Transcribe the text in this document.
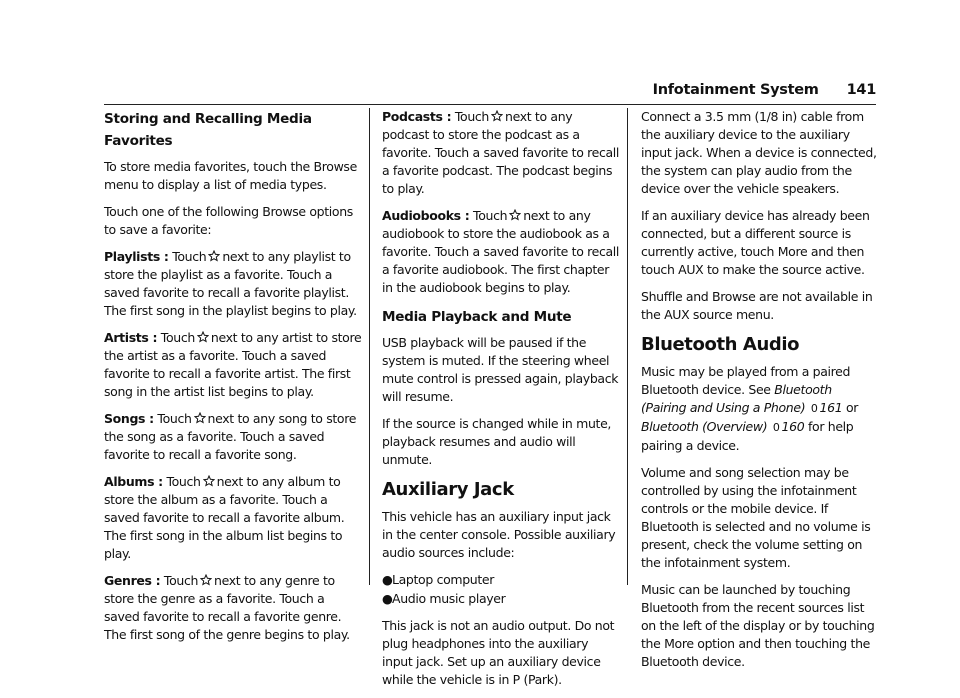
Infotainment System 141
Storing and Recalling Media Favorites

To store media favorites, touch the Browse menu to display a list of media types.

Touch one of the following Browse options to save a favorite:

Playlists : Touch next to any playlist to store the playlist as a favorite. Touch a saved favorite to recall a favorite playlist. The first song in the playlist begins to play.

Artists : Touch next to any artist to store the artist as a favorite. Touch a saved favorite to recall a favorite artist. The first song in the artist list begins to play.

Songs : Touch next to any song to store the song as a favorite. Touch a saved favorite to recall a favorite song.

Albums : Touch next to any album to store the album as a favorite. Touch a saved favorite to recall a favorite album. The first song in the album list begins to play.

Genres : Touch next to any genre to store the genre as a favorite. Touch a saved favorite to recall a favorite genre. The first song of the genre begins to play.

Podcasts : Touch next to any podcast to store the podcast as a favorite. Touch a saved favorite to recall a favorite podcast. The podcast begins to play.

Audiobooks : Touch next to any audiobook to store the audiobook as a favorite. Touch a saved favorite to recall a favorite audiobook. The first chapter in the audiobook begins to play.

Media Playback and Mute

USB playback will be paused if the system is muted. If the steering wheel mute control is pressed again, playback will resume.

If the source is changed while in mute, playback resumes and audio will unmute.

Auxiliary Jack

This vehicle has an auxiliary input jack in the center console. Possible auxiliary audio sources include:

● Laptop computer
● Audio music player

This jack is not an audio output. Do not plug headphones into the auxiliary input jack. Set up an auxiliary device while the vehicle is in P (Park).

Connect a 3.5 mm (1/8 in) cable from the auxiliary device to the auxiliary input jack. When a device is connected, the system can play audio from the device over the vehicle speakers.

If an auxiliary device has already been connected, but a different source is currently active, touch More and then touch AUX to make the source active.

Shuffle and Browse are not available in the AUX source menu.

Bluetooth Audio

Music may be played from a paired Bluetooth device. See Bluetooth (Pairing and Using a Phone) 0 161 or Bluetooth (Overview) 0 160 for help pairing a device.

Volume and song selection may be controlled by using the infotainment controls or the mobile device. If Bluetooth is selected and no volume is present, check the volume setting on the infotainment system.

Music can be launched by touching Bluetooth from the recent sources list on the left of the display or by touching the More option and then touching the Bluetooth device.
